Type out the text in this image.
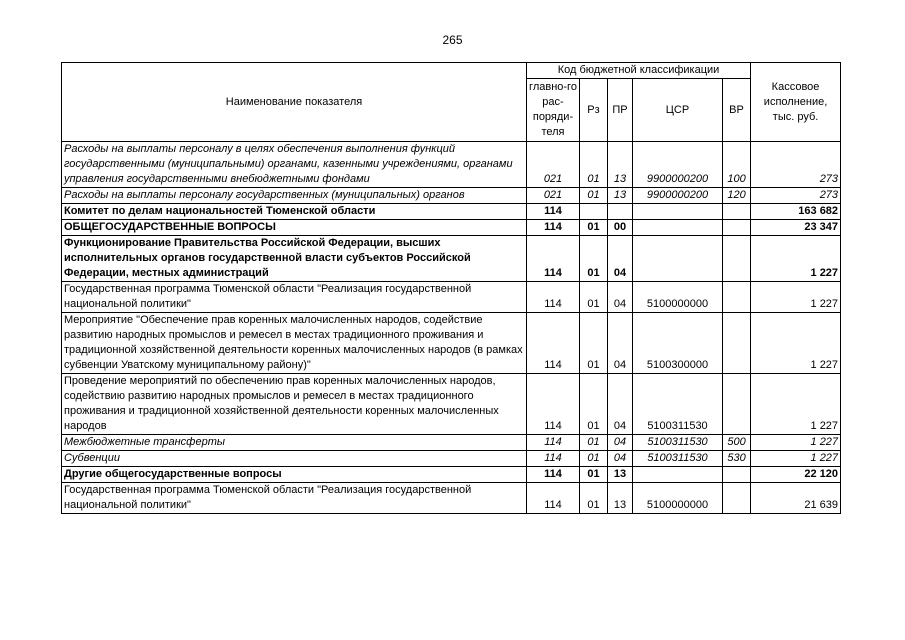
265
Наименование показателя	Код бюджетной классификации					Кассовое исполнение, тыс. руб.
	главно-го рас-поряди-теля	Рз	ПР	ЦСР	ВР	
Расходы на выплаты персоналу в целях обеспечения выполнения функций государственными (муниципальными) органами, казенными учреждениями, органами управления государственными внебюджетными фондами	021	01	13	9900000200	100	273
Расходы на выплаты персоналу государственных (муниципальных) органов	021	01	13	9900000200	120	273
Комитет по делам национальностей Тюменской области	114					163 682
ОБЩЕГОСУДАРСТВЕННЫЕ ВОПРОСЫ	114	01	00			23 347
Функционирование Правительства Российской Федерации, высших исполнительных органов государственной власти субъектов Российской Федерации, местных администраций	114	01	04			1 227
Государственная программа Тюменской области "Реализация государственной национальной политики"	114	01	04	5100000000		1 227
Мероприятие "Обеспечение прав коренных малочисленных народов, содействие развитию народных промыслов и ремесел в местах традиционного проживания и традиционной хозяйственной деятельности коренных малочисленных народов (в рамках субвенции Уватскому муниципальному району)"	114	01	04	5100300000		1 227
Проведение мероприятий по обеспечению прав коренных малочисленных народов, содействию развитию народных промыслов и ремесел в местах традиционного проживания и традиционной хозяйственной деятельности коренных малочисленных народов	114	01	04	5100311530		1 227
Межбюджетные трансферты	114	01	04	5100311530	500	1 227
Субвенции	114	01	04	5100311530	530	1 227
Другие общегосударственные вопросы	114	01	13			22 120
Государственная программа Тюменской области "Реализация государственной национальной политики"	114	01	13	5100000000		21 639
